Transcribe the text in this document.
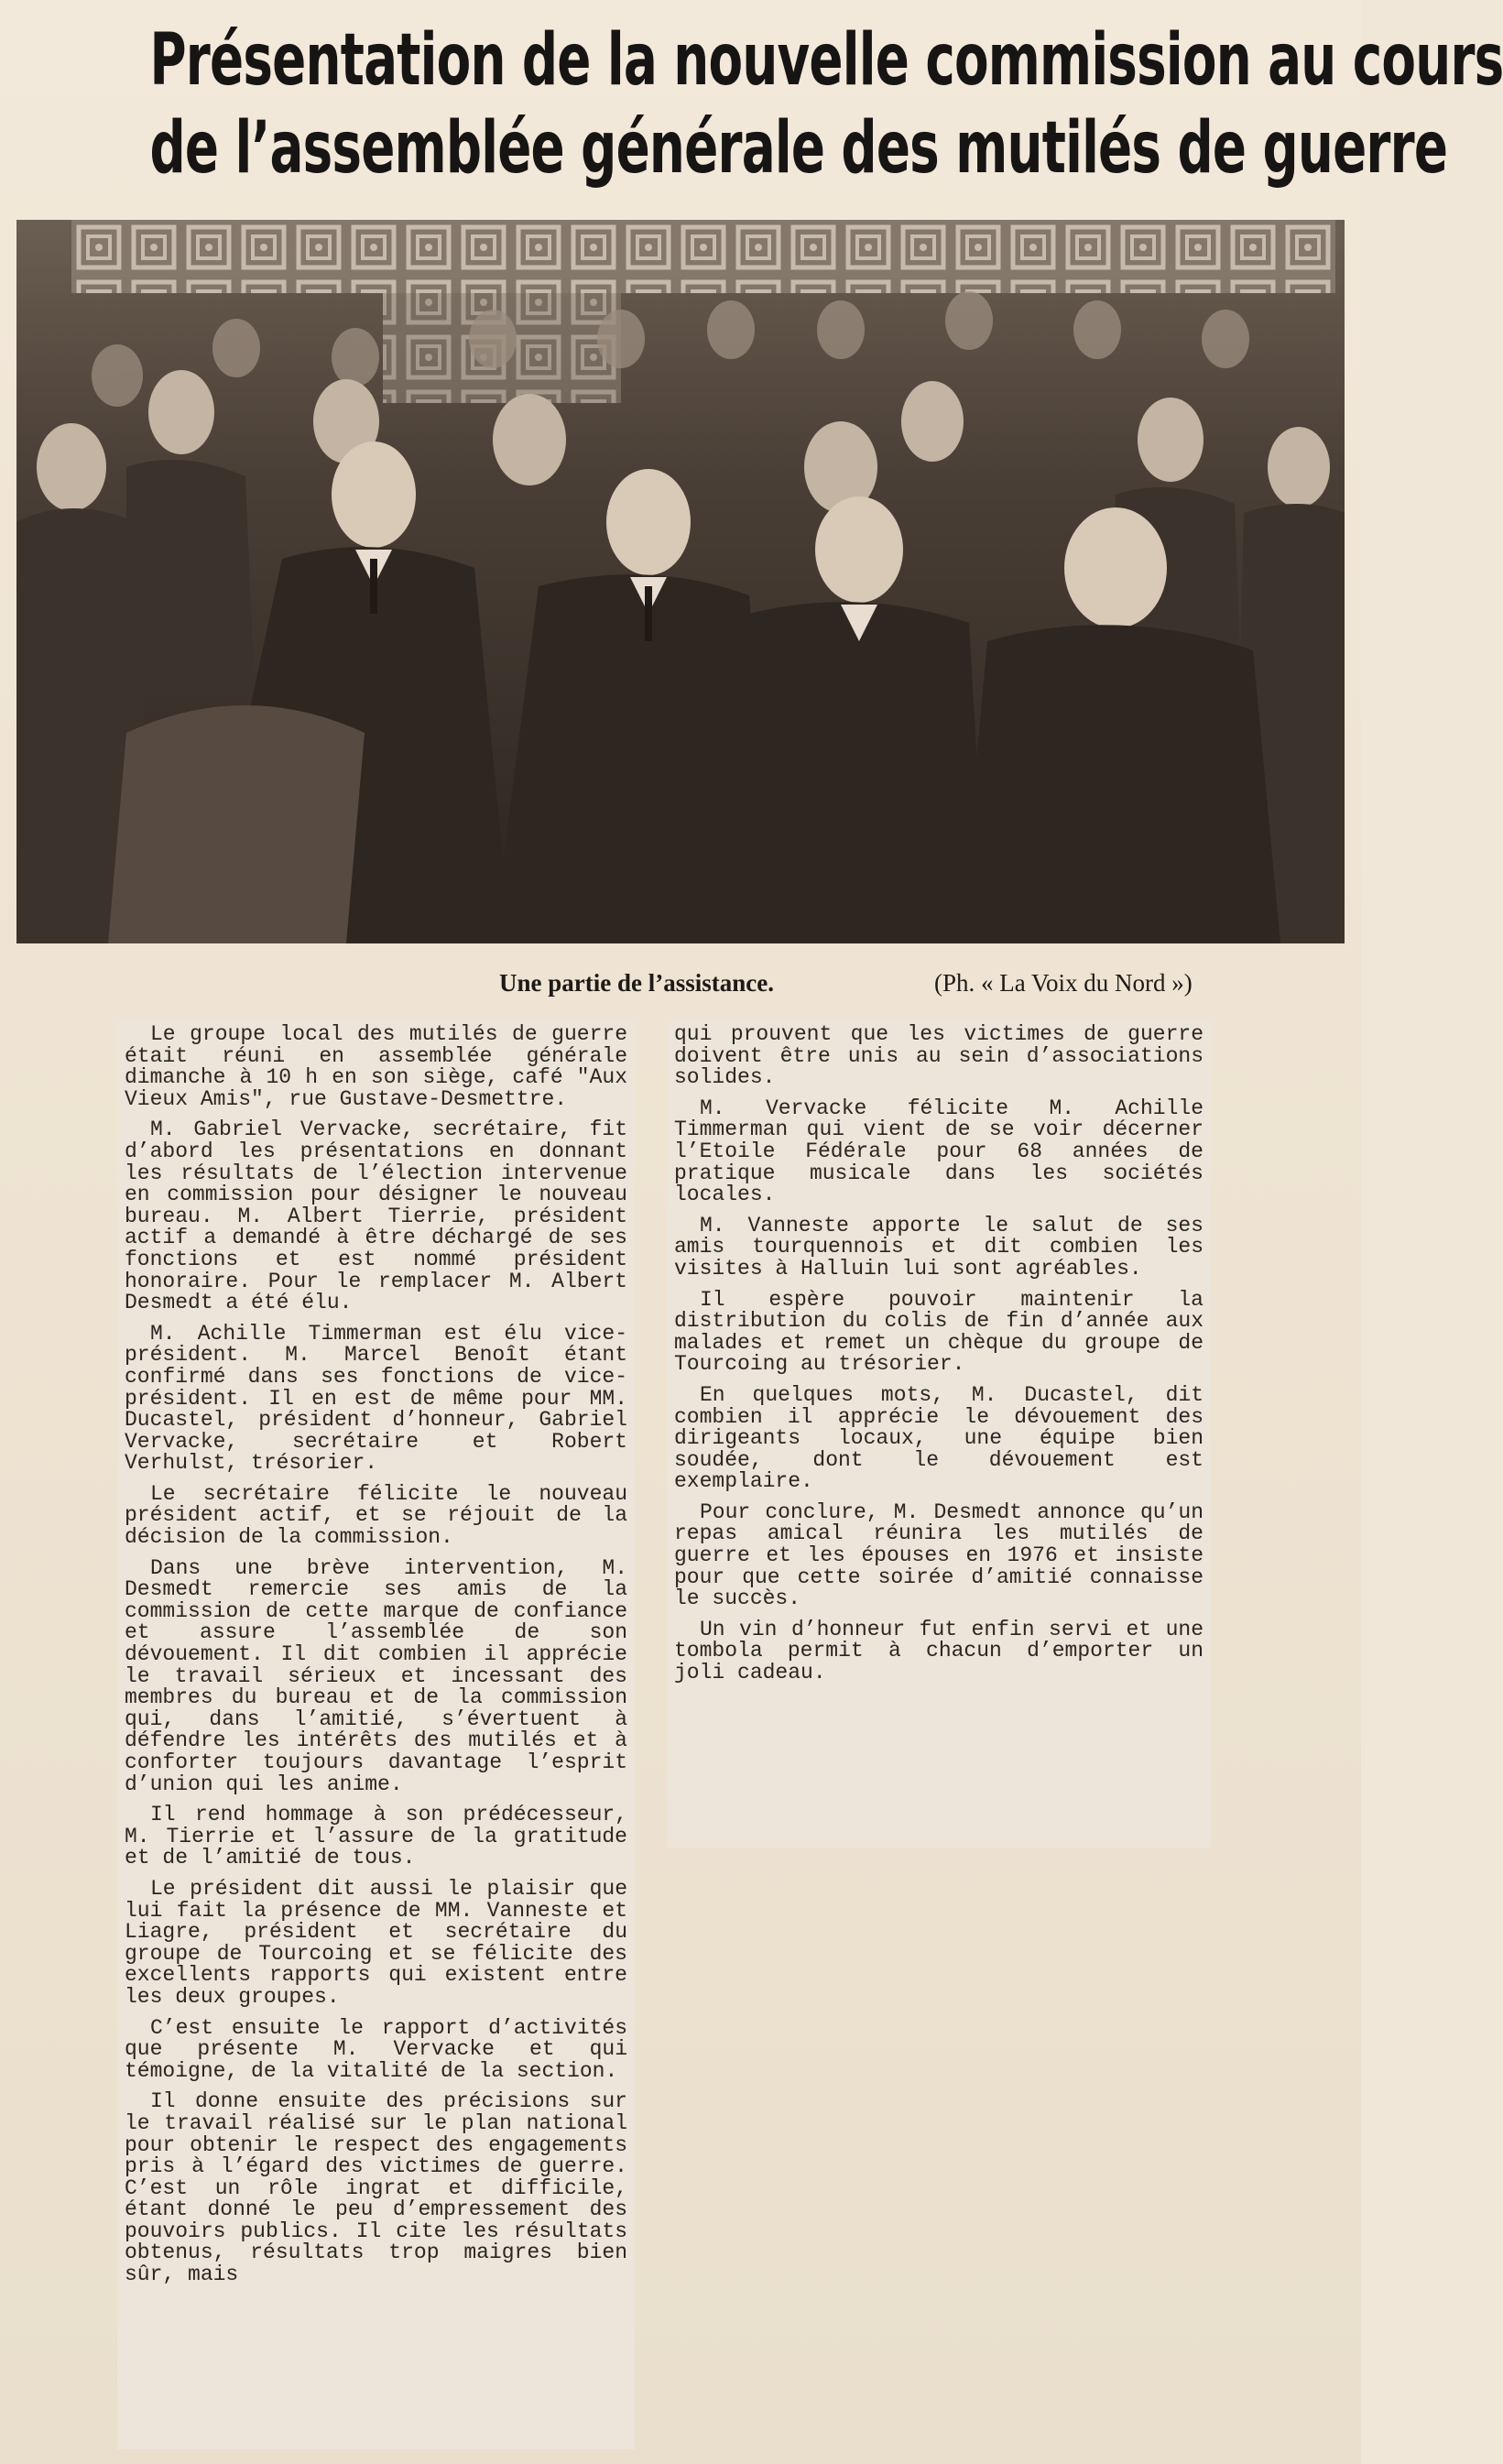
Présentation de la nouvelle commission au cours
de l’assemblée générale des mutilés de guerre
Une partie de l’assistance.	(Ph. « La Voix du Nord »)

Le groupe local des mutilés de guerre était réuni en assemblée générale dimanche à 10 h en son siège, café "Aux Vieux Amis", rue Gustave-Desmettre.

M. Gabriel Vervacke, secrétaire, fit d’abord les présentations en donnant les résultats de l’élection intervenue en commission pour désigner le nouveau bureau. M. Albert Tierrie, président actif a demandé à être déchargé de ses fonctions et est nommé président honoraire. Pour le remplacer M. Albert Desmedt a été élu.

M. Achille Timmerman est élu vice-président. M. Marcel Benoît étant confirmé dans ses fonctions de vice-président. Il en est de même pour MM. Ducastel, président d’honneur, Gabriel Vervacke, secrétaire et Robert Verhulst, trésorier.

Le secrétaire félicite le nouveau président actif, et se réjouit de la décision de la commission.

Dans une brève intervention, M. Desmedt remercie ses amis de la commission de cette marque de confiance et assure l’assemblée de son dévouement. Il dit combien il apprécie le travail sérieux et incessant des membres du bureau et de la commission qui, dans l’amitié, s’évertuent à défendre les intérêts des mutilés et à conforter toujours davantage l’esprit d’union qui les anime.

Il rend hommage à son prédécesseur, M. Tierrie et l’assure de la gratitude et de l’amitié de tous.

Le président dit aussi le plaisir que lui fait la présence de MM. Vanneste et Liagre, président et secrétaire du groupe de Tourcoing et se félicite des excellents rapports qui existent entre les deux groupes.

C’est ensuite le rapport d’activités que présente M. Vervacke et qui témoigne, de la vitalité de la section.

Il donne ensuite des précisions sur le travail réalisé sur le plan national pour obtenir le respect des engagements pris à l’égard des victimes de guerre. C’est un rôle ingrat et difficile, étant donné le peu d’empressement des pouvoirs publics. Il cite les résultats obtenus, résultats trop maigres bien sûr, mais

qui prouvent que les victimes de guerre doivent être unis au sein d’associations solides.

M. Vervacke félicite M. Achille Timmerman qui vient de se voir décerner l’Etoile Fédérale pour 68 années de pratique musicale dans les sociétés locales.

M. Vanneste apporte le salut de ses amis tourquennois et dit combien les visites à Halluin lui sont agréables.

Il espère pouvoir maintenir la distribution du colis de fin d’année aux malades et remet un chèque du groupe de Tourcoing au trésorier.

En quelques mots, M. Ducastel, dit combien il apprécie le dévouement des dirigeants locaux, une équipe bien soudée, dont le dévouement est exemplaire.

Pour conclure, M. Desmedt annonce qu’un repas amical réunira les mutilés de guerre et les épouses en 1976 et insiste pour que cette soirée d’amitié connaisse le succès.

Un vin d’honneur fut enfin servi et une tombola permit à chacun d’emporter un joli cadeau.
